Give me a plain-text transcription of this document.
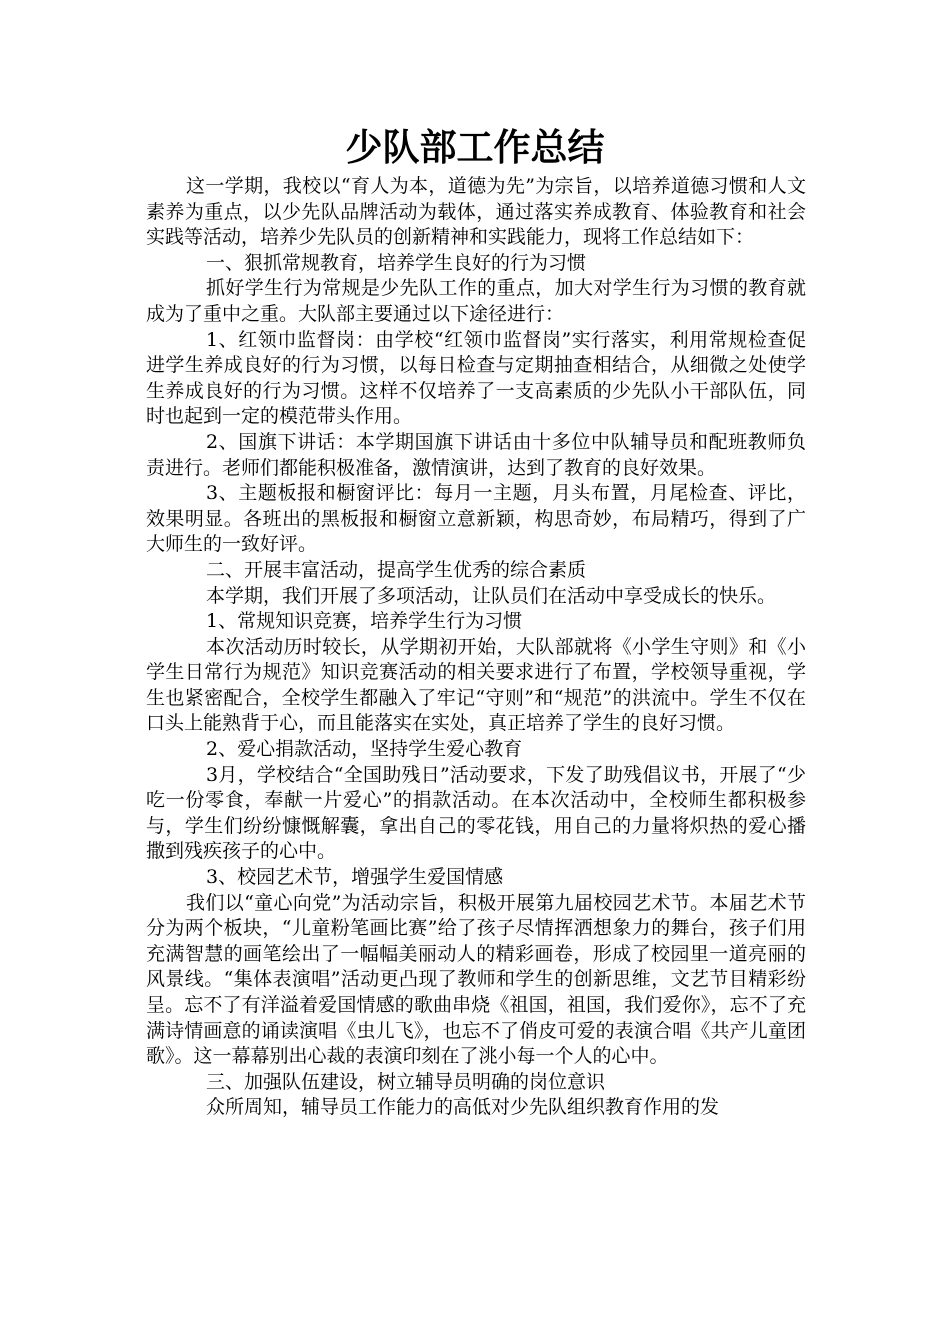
少队部工作总结

这一学期，我校以“育人为本，道德为先”为宗旨，以培养道德习惯和人文素养为重点，以少先队品牌活动为载体，通过落实养成教育、体验教育和社会实践等活动，培养少先队员的创新精神和实践能力，现将工作总结如下：

一、狠抓常规教育，培养学生良好的行为习惯

抓好学生行为常规是少先队工作的重点，加大对学生行为习惯的教育就成为了重中之重。大队部主要通过以下途径进行：

1、红领巾监督岗：由学校“红领巾监督岗”实行落实，利用常规检查促进学生养成良好的行为习惯，以每日检查与定期抽查相结合，从细微之处使学生养成良好的行为习惯。这样不仅培养了一支高素质的少先队小干部队伍，同时也起到一定的模范带头作用。

2、国旗下讲话：本学期国旗下讲话由十多位中队辅导员和配班教师负责进行。老师们都能积极准备，激情演讲，达到了教育的良好效果。

3、主题板报和橱窗评比：每月一主题，月头布置，月尾检查、评比，效果明显。各班出的黑板报和橱窗立意新颖，构思奇妙，布局精巧，得到了广大师生的一致好评。

二、开展丰富活动，提高学生优秀的综合素质

本学期，我们开展了多项活动，让队员们在活动中享受成长的快乐。

1、常规知识竞赛，培养学生行为习惯

本次活动历时较长，从学期初开始，大队部就将《小学生守则》和《小学生日常行为规范》知识竞赛活动的相关要求进行了布置，学校领导重视，学生也紧密配合，全校学生都融入了牢记“守则”和“规范”的洪流中。学生不仅在口头上能熟背于心，而且能落实在实处，真正培养了学生的良好习惯。

2、爱心捐款活动，坚持学生爱心教育

3月，学校结合“全国助残日”活动要求，下发了助残倡议书，开展了“少吃一份零食，奉献一片爱心”的捐款活动。在本次活动中，全校师生都积极参与，学生们纷纷慷慨解囊，拿出自己的零花钱，用自己的力量将炽热的爱心播撒到残疾孩子的心中。

3、校园艺术节，增强学生爱国情感

我们以“童心向党”为活动宗旨，积极开展第九届校园艺术节。本届艺术节分为两个板块，“儿童粉笔画比赛”给了孩子尽情挥洒想象力的舞台，孩子们用充满智慧的画笔绘出了一幅幅美丽动人的精彩画卷，形成了校园里一道亮丽的风景线。“集体表演唱”活动更凸现了教师和学生的创新思维，文艺节目精彩纷呈。忘不了有洋溢着爱国情感的歌曲串烧《祖国，祖国，我们爱你》，忘不了充满诗情画意的诵读演唱《虫儿飞》，也忘不了俏皮可爱的表演合唱《共产儿童团歌》。这一幕幕别出心裁的表演印刻在了洮小每一个人的心中。

三、加强队伍建设，树立辅导员明确的岗位意识

众所周知，辅导员工作能力的高低对少先队组织教育作用的发
